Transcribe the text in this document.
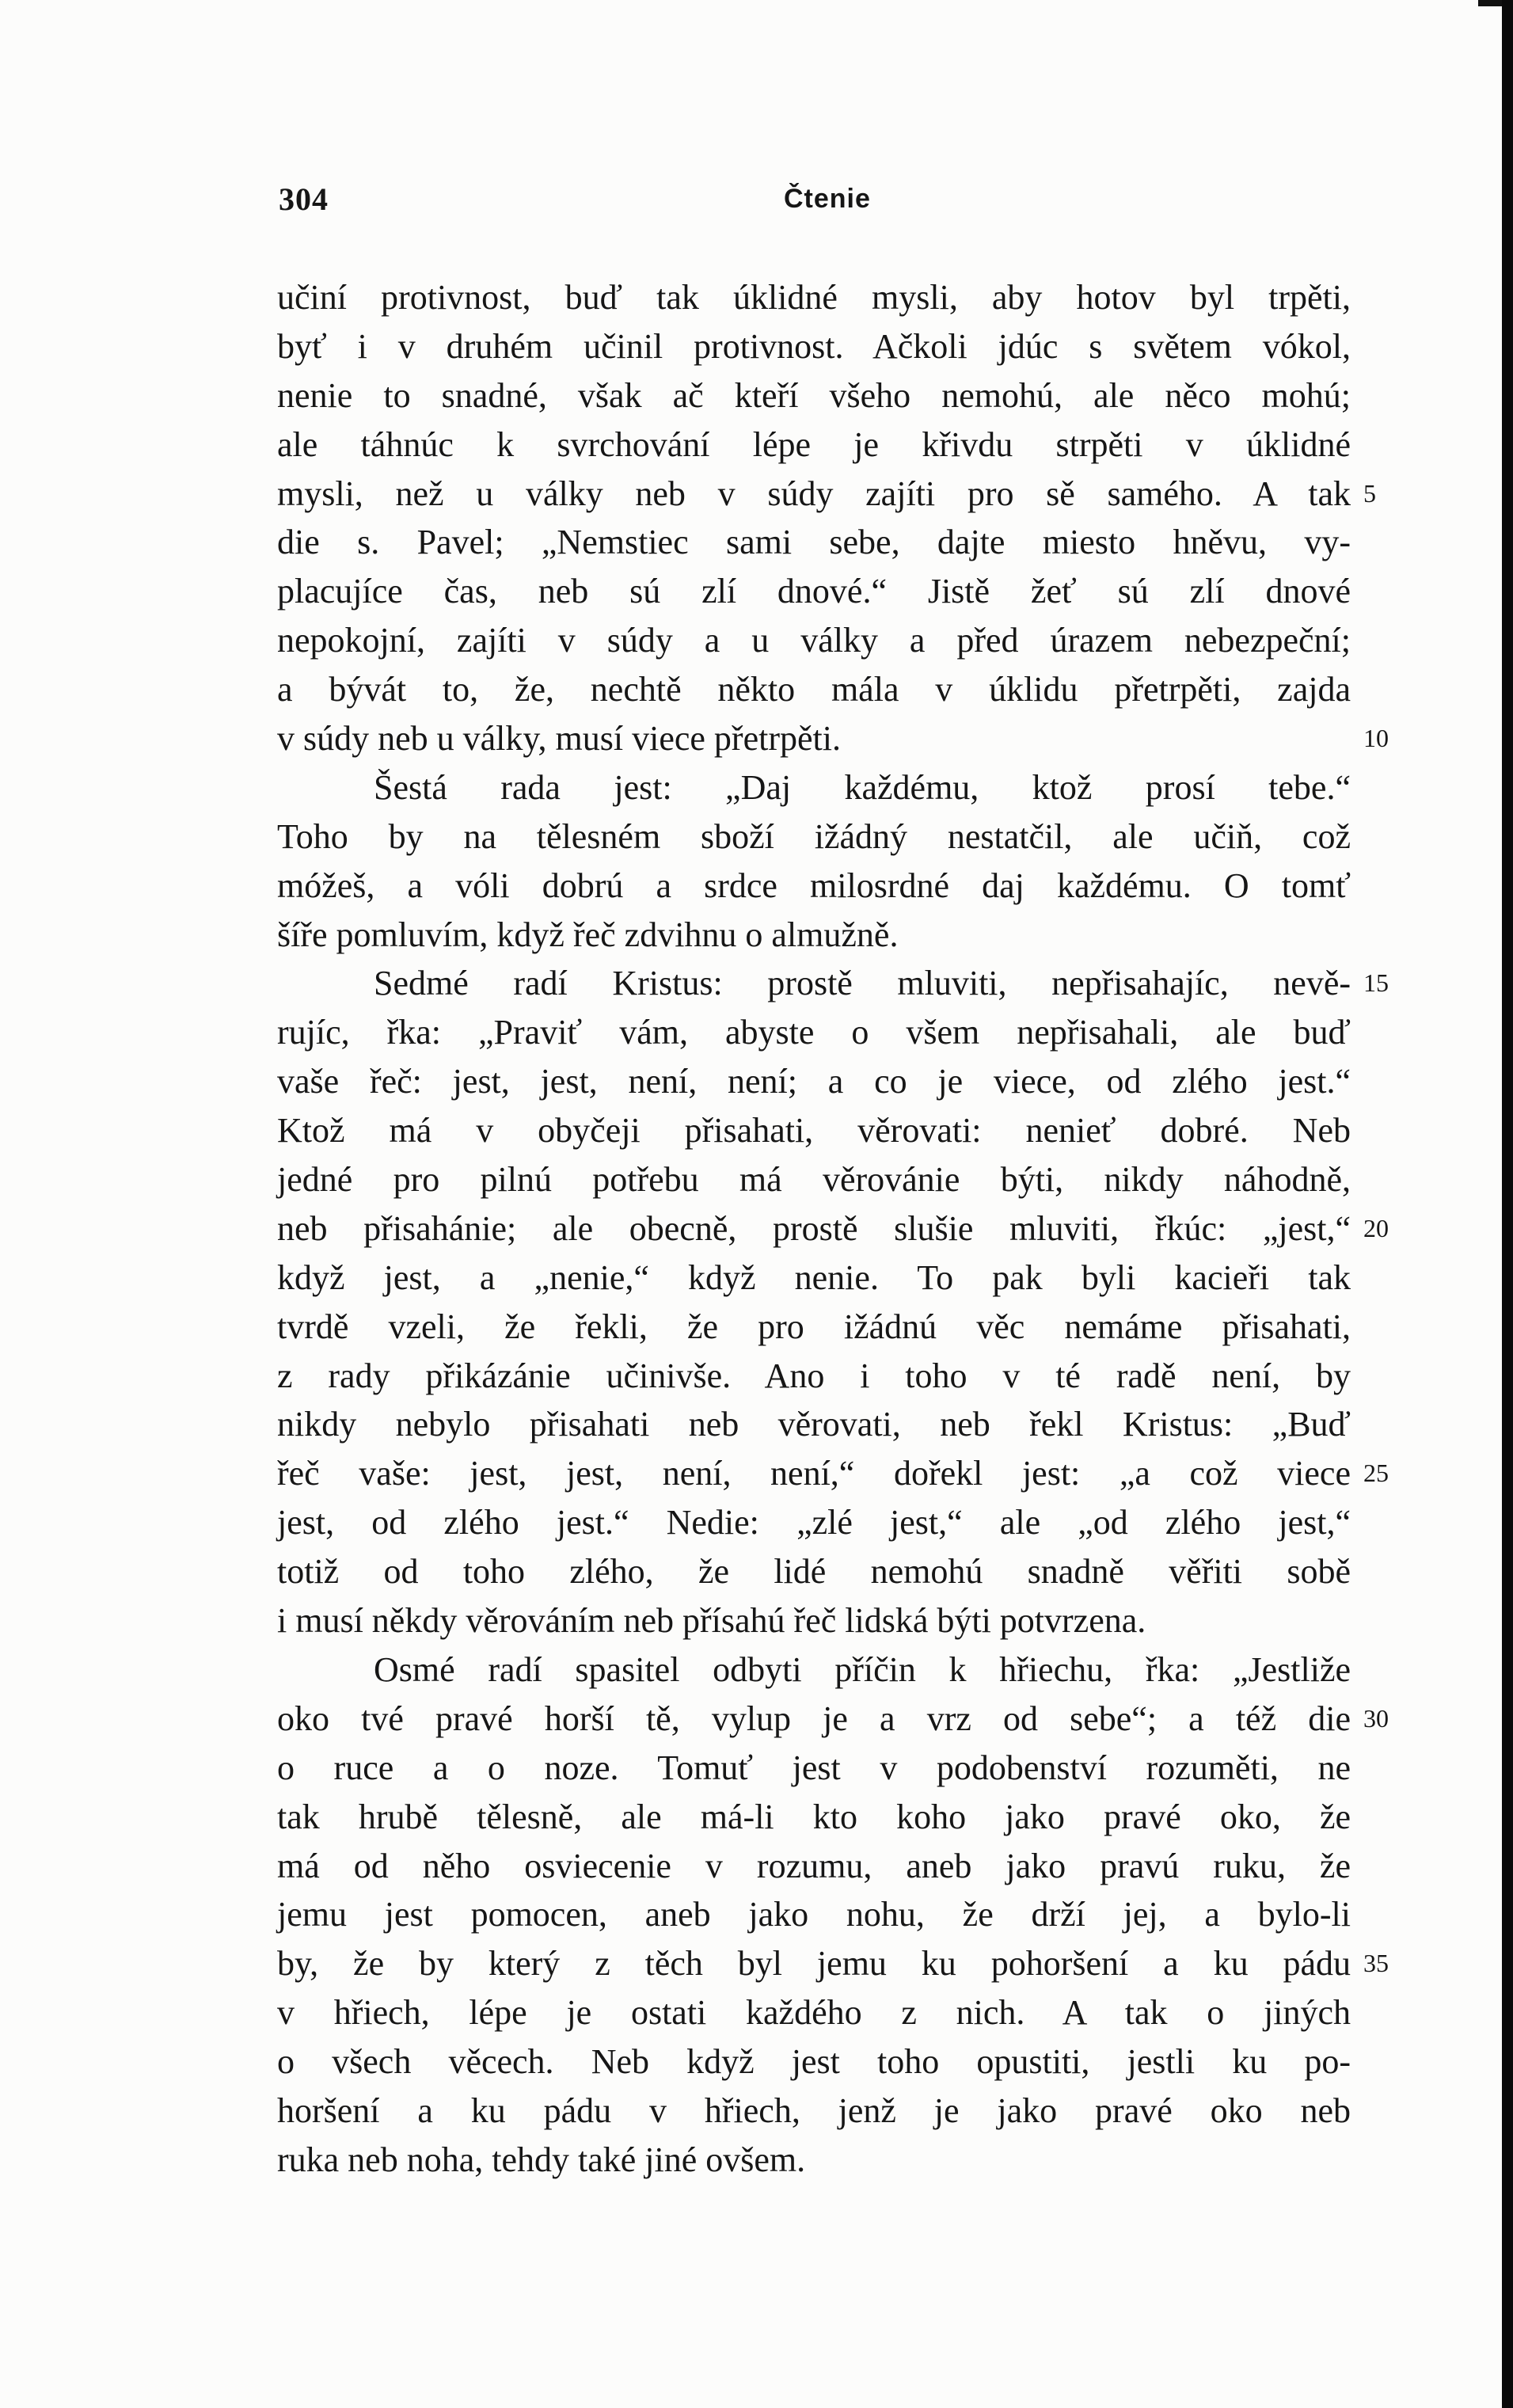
304	Čtenie
učiní protivnost, buď tak úklidné mysli, aby hotov byl trpěti,
byť i v druhém učinil protivnost. Ačkoli jdúc s světem vókol,
nenie to snadné, však ač kteří všeho nemohú, ale něco mohú;
ale táhnúc k svrchování lépe je křivdu strpěti v úklidné
mysli, než u války neb v súdy zajíti pro sě samého. A tak 5
die s. Pavel; „Nemstiec sami sebe, dajte miesto hněvu, vy-
placujíce čas, neb sú zlí dnové.“ Jistě žeť sú zlí dnové
nepokojní, zajíti v súdy a u války a před úrazem nebezpeční;
a bývát to, že, nechtě někto mála v úklidu přetrpěti, zajda
v súdy neb u války, musí viece přetrpěti.	10
Šestá rada jest: „Daj každému, ktož prosí tebe.“
Toho by na tělesném sboží ižádný nestatčil, ale učiň, což
móžeš, a vóli dobrú a srdce milosrdné daj každému. O tomť
šíře pomluvím, když řeč zdvihnu o almužně.
Sedmé radí Kristus: prostě mluviti, nepřisahajíc, nevě- 15
rujíc, řka: „Praviť vám, abyste o všem nepřisahali, ale buď
vaše řeč: jest, jest, není, není; a co je viece, od zlého jest.“
Ktož má v obyčeji přisahati, věrovati: nenieť dobré. Neb
jedné pro pilnú potřebu má věrovánie býti, nikdy náhodně,
neb přisahánie; ale obecně, prostě slušie mluviti, řkúc: „jest,“ 20
když jest, a „nenie,“ když nenie. To pak byli kacieři tak
tvrdě vzeli, že řekli, že pro ižádnú věc nemáme přisahati,
z rady přikázánie učinivše. Ano i toho v té radě není, by
nikdy nebylo přisahati neb věrovati, neb řekl Kristus: „Buď
řeč vaše: jest, jest, není, není,“ dořekl jest: „a což viece 25
jest, od zlého jest.“ Nedie: „zlé jest,“ ale „od zlého jest,“
totiž od toho zlého, že lidé nemohú snadně věřiti sobě
i musí někdy věrováním neb přísahú řeč lidská býti potvrzena.
Osmé radí spasitel odbyti příčin k hřiechu, řka: „Jestliže
oko tvé pravé horší tě, vylup je a vrz od sebe“; a též die 30
o ruce a o noze. Tomuť jest v podobenství rozuměti, ne
tak hrubě tělesně, ale má-li kto koho jako pravé oko, že
má od něho osviecenie v rozumu, aneb jako pravú ruku, že
jemu jest pomocen, aneb jako nohu, že drží jej, a bylo-li
by, že by který z těch byl jemu ku pohoršení a ku pádu 35
v hřiech, lépe je ostati každého z nich. A tak o jiných
o všech věcech. Neb když jest toho opustiti, jestli ku po-
horšení a ku pádu v hřiech, jenž je jako pravé oko neb
ruka neb noha, tehdy také jiné ovšem.
